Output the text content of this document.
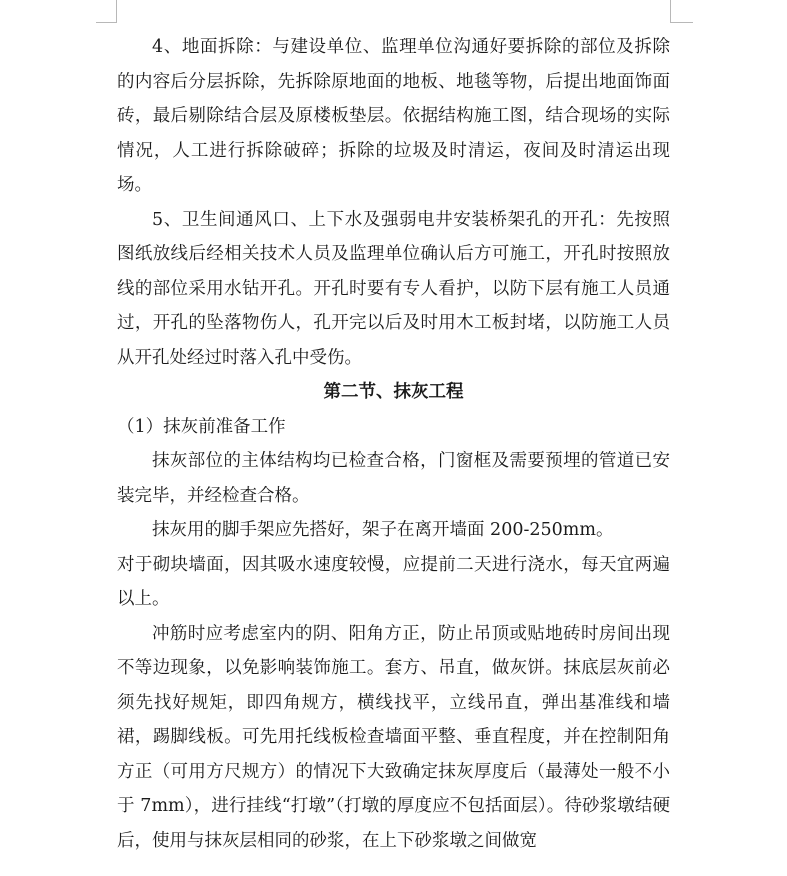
4、地面拆除：与建设单位、监理单位沟通好要拆除的部位及拆除的内容后分层拆除，先拆除原地面的地板、地毯等物，后提出地面饰面砖，最后剔除结合层及原楼板垫层。依据结构施工图，结合现场的实际情况，人工进行拆除破碎；拆除的垃圾及时清运，夜间及时清运出现场。

5、卫生间通风口、上下水及强弱电井安装桥架孔的开孔：先按照图纸放线后经相关技术人员及监理单位确认后方可施工，开孔时按照放线的部位采用水钻开孔。开孔时要有专人看护，以防下层有施工人员通过，开孔的坠落物伤人，孔开完以后及时用木工板封堵，以防施工人员从开孔处经过时落入孔中受伤。

第二节、抹灰工程

（1）抹灰前准备工作

抹灰部位的主体结构均已检查合格，门窗框及需要预埋的管道已安装完毕，并经检查合格。

抹灰用的脚手架应先搭好，架子在离开墙面 200-250mm。

对于砌块墙面，因其吸水速度较慢，应提前二天进行浇水，每天宜两遍以上。

冲筋时应考虑室内的阴、阳角方正，防止吊顶或贴地砖时房间出现不等边现象，以免影响装饰施工。套方、吊直，做灰饼。抹底层灰前必须先找好规矩，即四角规方，横线找平，立线吊直，弹出基准线和墙裙，踢脚线板。可先用托线板检查墙面平整、垂直程度，并在控制阳角方正（可用方尺规方）的情况下大致确定抹灰厚度后（最薄处一般不小于 7mm），进行挂线“打墩”（打墩的厚度应不包括面层）。待砂浆墩结硬后，使用与抹灰层相同的砂浆，在上下砂浆墩之间做宽
